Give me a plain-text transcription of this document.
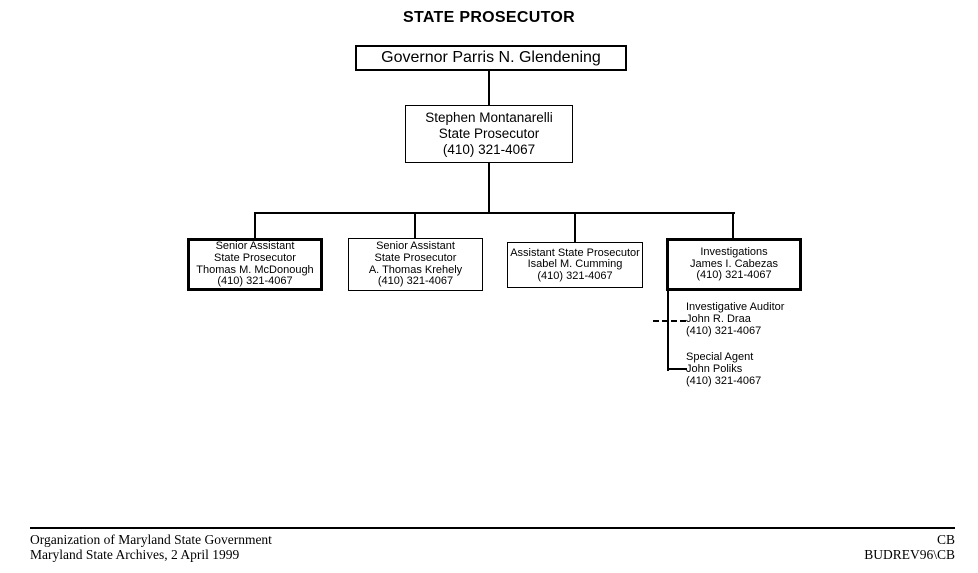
STATE PROSECUTOR
Governor Parris N. Glendening
Stephen Montanarelli
State Prosecutor
(410) 321-4067
Senior Assistant
State Prosecutor
Thomas M. McDonough
(410) 321-4067
Senior Assistant
State Prosecutor
A. Thomas Krehely
(410) 321-4067
Assistant State Prosecutor
Isabel M. Cumming
(410) 321-4067
Investigations
James I. Cabezas
(410) 321-4067
Investigative Auditor
John R. Draa
(410) 321-4067
Special Agent
John Poliks
(410) 321-4067
Organization of Maryland State Government
Maryland State Archives, 2 April 1999
CB
BUDREV96\CB
